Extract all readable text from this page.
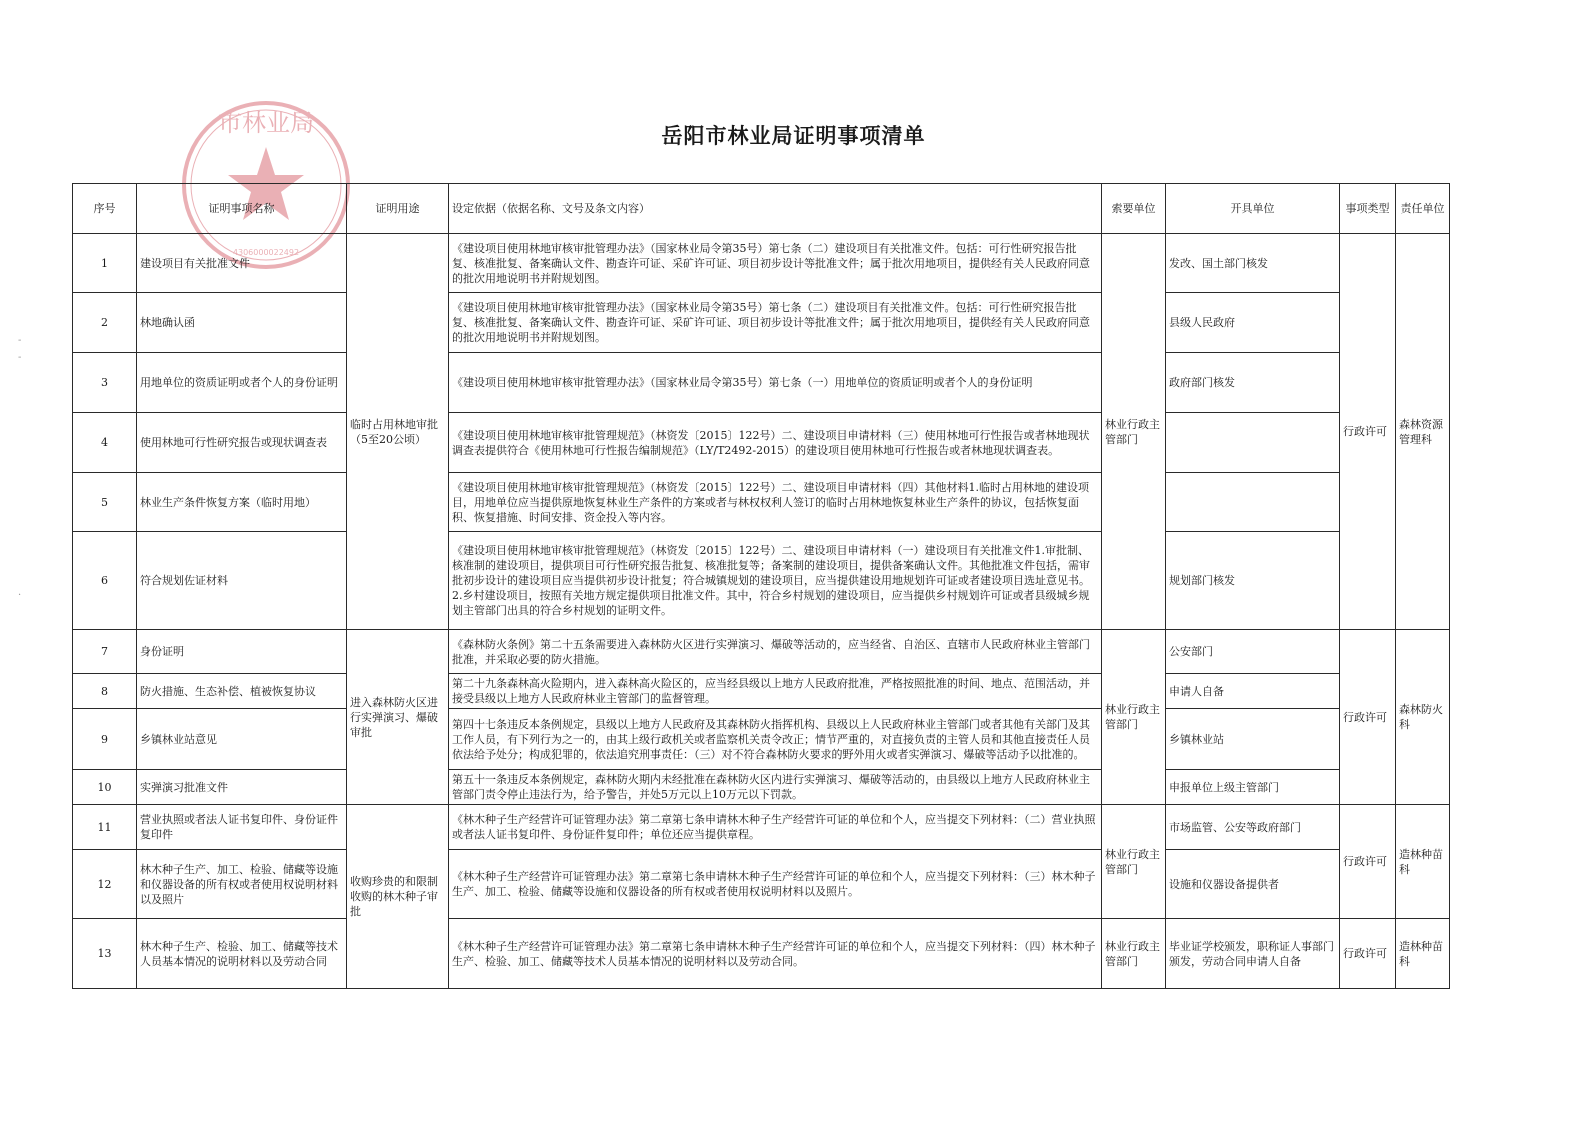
市林业局
4306000022492
岳阳市林业局证明事项清单
‐
‐
·
序号	证明事项名称	证明用途	设定依据（依据名称、文号及条文内容）	索要单位	开具单位	事项类型	责任单位
1	建设项目有关批准文件	临时占用林地审批（5至20公顷）	《建设项目使用林地审核审批管理办法》（国家林业局令第35号）第七条（二）建设项目有关批准文件。包括：可行性研究报告批复、核准批复、备案确认文件、勘查许可证、采矿许可证、项目初步设计等批准文件；属于批次用地项目，提供经有关人民政府同意的批次用地说明书并附规划图。	林业行政主管部门	发改、国土部门核发	行政许可	森林资源管理科
2	林地确认函		《建设项目使用林地审核审批管理办法》（国家林业局令第35号）第七条（二）建设项目有关批准文件。包括：可行性研究报告批复、核准批复、备案确认文件、勘查许可证、采矿许可证、项目初步设计等批准文件；属于批次用地项目，提供经有关人民政府同意的批次用地说明书并附规划图。		县级人民政府		
3	用地单位的资质证明或者个人的身份证明		《建设项目使用林地审核审批管理办法》（国家林业局令第35号）第七条（一）用地单位的资质证明或者个人的身份证明		政府部门核发		
4	使用林地可行性研究报告或现状调查表		《建设项目使用林地审核审批管理规范》（林资发〔2015〕122号）二、建设项目申请材料（三）使用林地可行性报告或者林地现状调查表提供符合《使用林地可行性报告编制规范》（LY/T2492-2015）的建设项目使用林地可行性报告或者林地现状调查表。				
5	林业生产条件恢复方案（临时用地）		《建设项目使用林地审核审批管理规范》（林资发〔2015〕122号）二、建设项目申请材料（四）其他材料1.临时占用林地的建设项目，用地单位应当提供原地恢复林业生产条件的方案或者与林权权利人签订的临时占用林地恢复林业生产条件的协议，包括恢复面积、恢复措施、时间安排、资金投入等内容。				
6	符合规划佐证材料		《建设项目使用林地审核审批管理规范》（林资发〔2015〕122号）二、建设项目申请材料（一）建设项目有关批准文件1.审批制、核准制的建设项目，提供项目可行性研究报告批复、核准批复等；备案制的建设项目，提供备案确认文件。其他批准文件包括，需审批初步设计的建设项目应当提供初步设计批复；符合城镇规划的建设项目，应当提供建设用地规划许可证或者建设项目选址意见书。2.乡村建设项目，按照有关地方规定提供项目批准文件。其中，符合乡村规划的建设项目，应当提供乡村规划许可证或者县级城乡规划主管部门出具的符合乡村规划的证明文件。		规划部门核发		
7	身份证明	进入森林防火区进行实弹演习、爆破审批	《森林防火条例》第二十五条需要进入森林防火区进行实弹演习、爆破等活动的，应当经省、自治区、直辖市人民政府林业主管部门批准，并采取必要的防火措施。	林业行政主管部门	公安部门	行政许可	森林防火科
8	防火措施、生态补偿、植被恢复协议		第二十九条森林高火险期内，进入森林高火险区的，应当经县级以上地方人民政府批准，严格按照批准的时间、地点、范围活动，并接受县级以上地方人民政府林业主管部门的监督管理。		申请人自备		
9	乡镇林业站意见		第四十七条违反本条例规定，县级以上地方人民政府及其森林防火指挥机构、县级以上人民政府林业主管部门或者其他有关部门及其工作人员，有下列行为之一的，由其上级行政机关或者监察机关责令改正；情节严重的，对直接负责的主管人员和其他直接责任人员依法给予处分；构成犯罪的，依法追究刑事责任：（三）对不符合森林防火要求的野外用火或者实弹演习、爆破等活动予以批准的。		乡镇林业站		
10	实弹演习批准文件		第五十一条违反本条例规定，森林防火期内未经批准在森林防火区内进行实弹演习、爆破等活动的，由县级以上地方人民政府林业主管部门责令停止违法行为，给予警告，并处5万元以上10万元以下罚款。		申报单位上级主管部门		
11	营业执照或者法人证书复印件、身份证件复印件	收购珍贵的和限制收购的林木种子审批	《林木种子生产经营许可证管理办法》第二章第七条申请林木种子生产经营许可证的单位和个人，应当提交下列材料：（二）营业执照或者法人证书复印件、身份证件复印件；单位还应当提供章程。	林业行政主管部门	市场监管、公安等政府部门	行政许可	造林种苗科
12	林木种子生产、加工、检验、储藏等设施和仪器设备的所有权或者使用权说明材料以及照片		《林木种子生产经营许可证管理办法》第二章第七条申请林木种子生产经营许可证的单位和个人，应当提交下列材料：（三）林木种子生产、加工、检验、储藏等设施和仪器设备的所有权或者使用权说明材料以及照片。		设施和仪器设备提供者		
13	林木种子生产、检验、加工、储藏等技术人员基本情况的说明材料以及劳动合同		《林木种子生产经营许可证管理办法》第二章第七条申请林木种子生产经营许可证的单位和个人，应当提交下列材料：（四）林木种子生产、检验、加工、储藏等技术人员基本情况的说明材料以及劳动合同。	林业行政主管部门	毕业证学校颁发，职称证人事部门颁发，劳动合同申请人自备	行政许可	造林种苗科
